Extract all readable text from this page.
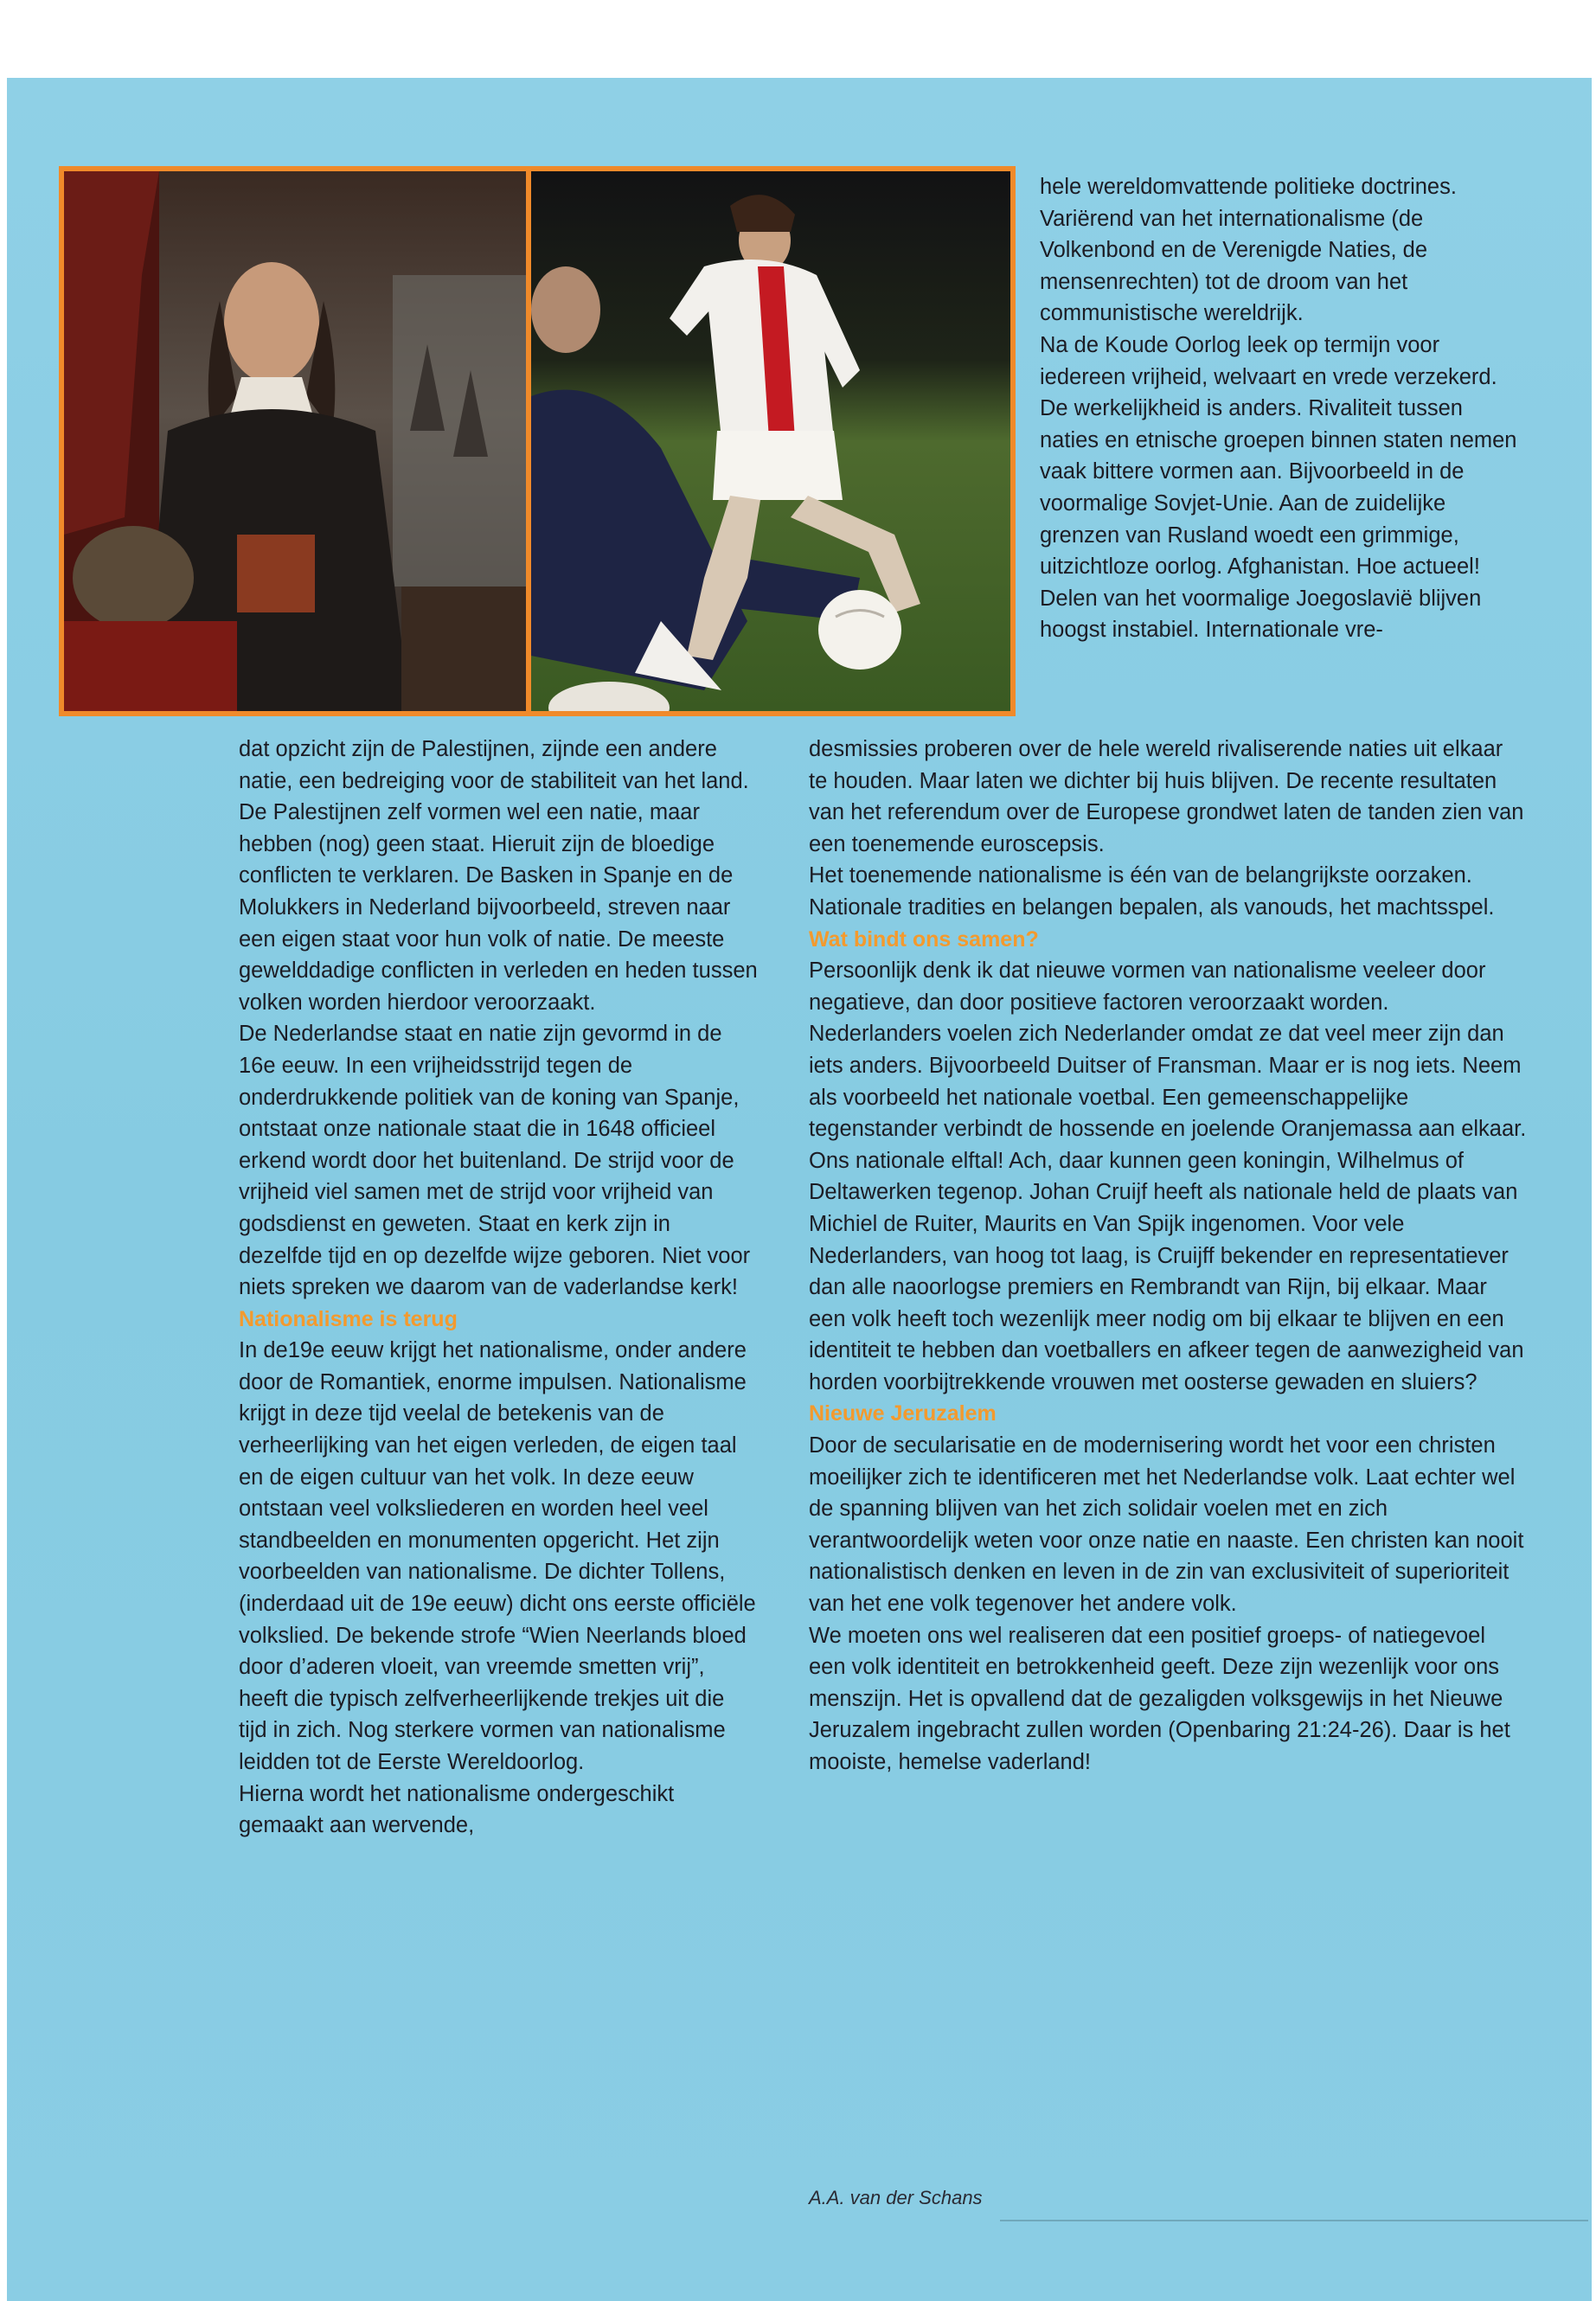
hele wereldomvattende politieke doctrines. Variërend van het internationalisme (de Volkenbond en de Verenigde Naties, de mensenrechten) tot de droom van het communistische wereldrijk.

Na de Koude Oorlog leek op termijn voor iedereen vrijheid, welvaart en vrede verzekerd. De werkelijkheid is anders. Rivaliteit tussen naties en etnische groepen binnen staten nemen vaak bittere vormen aan. Bijvoorbeeld in de voormalige Sovjet-Unie. Aan de zuidelijke grenzen van Rusland woedt een grimmige, uitzichtloze oorlog. Afghanistan. Hoe actueel! Delen van het voormalige Joegoslavië blijven hoogst instabiel. Internationale vre-

dat opzicht zijn de Palestijnen, zijnde een andere natie, een bedreiging voor de stabiliteit van het land. De Palestijnen zelf vormen wel een natie, maar hebben (nog) geen staat. Hieruit zijn de bloedige conflicten te verklaren. De Basken in Spanje en de Molukkers in Nederland bijvoorbeeld, streven naar een eigen staat voor hun volk of natie. De meeste gewelddadige conflicten in verleden en heden tussen volken worden hierdoor veroorzaakt.

De Nederlandse staat en natie zijn gevormd in de 16e eeuw. In een vrijheidsstrijd tegen de onderdrukkende politiek van de koning van Spanje, ontstaat onze nationale staat die in 1648 officieel erkend wordt door het buitenland. De strijd voor de vrijheid viel samen met de strijd voor vrijheid van godsdienst en geweten. Staat en kerk zijn in dezelfde tijd en op dezelfde wijze geboren. Niet voor niets spreken we daarom van de vaderlandse kerk!

Nationalisme is terug

In de19e eeuw krijgt het nationalisme, onder andere door de Romantiek, enorme impulsen. Nationalisme krijgt in deze tijd veelal de betekenis van de verheerlijking van het eigen verleden, de eigen taal en de eigen cultuur van het volk. In deze eeuw ontstaan veel volksliederen en worden heel veel standbeelden en monumenten opgericht. Het zijn voorbeelden van nationalisme. De dichter Tollens, (inderdaad uit de 19e eeuw) dicht ons eerste officiële volkslied. De bekende strofe “Wien Neerlands bloed door d’aderen vloeit, van vreemde smetten vrij”, heeft die typisch zelfverheerlijkende trekjes uit die tijd in zich. Nog sterkere vormen van nationalisme leidden tot de Eerste Wereldoorlog.

Hierna wordt het nationalisme ondergeschikt gemaakt aan wervende,

desmissies proberen over de hele wereld rivaliserende naties uit elkaar te houden. Maar laten we dichter bij huis blijven. De recente resultaten van het referendum over de Europese grondwet laten de tanden zien van een toenemende euroscepsis.

Het toenemende nationalisme is één van de belangrijkste oorzaken. Nationale tradities en belangen bepalen, als vanouds, het machtsspel.

Wat bindt ons samen?

Persoonlijk denk ik dat nieuwe vormen van nationalisme veeleer door negatieve, dan door positieve factoren veroorzaakt worden. Nederlanders voelen zich Nederlander omdat ze dat veel meer zijn dan iets anders. Bijvoorbeeld Duitser of Fransman. Maar er is nog iets. Neem als voorbeeld het nationale voetbal. Een gemeenschappelijke tegenstander verbindt de hossende en joelende Oranjemassa aan elkaar. Ons nationale elftal! Ach, daar kunnen geen koningin, Wilhelmus of Deltawerken tegenop. Johan Cruijf heeft als nationale held de plaats van Michiel de Ruiter, Maurits en Van Spijk ingenomen. Voor vele Nederlanders, van hoog tot laag, is Cruijff bekender en representatiever dan alle naoorlogse premiers en Rembrandt van Rijn, bij elkaar. Maar een volk heeft toch wezenlijk meer nodig om bij elkaar te blijven en een identiteit te hebben dan voetballers en afkeer tegen de aanwezigheid van horden voorbijtrekkende vrouwen met oosterse gewaden en sluiers?

Nieuwe Jeruzalem

Door de secularisatie en de modernisering wordt het voor een christen moeilijker zich te identificeren met het Nederlandse volk. Laat echter wel de spanning blijven van het zich solidair voelen met en zich verantwoordelijk weten voor onze natie en naaste. Een christen kan nooit nationalistisch denken en leven in de zin van exclusiviteit of superioriteit van het ene volk tegenover het andere volk.

We moeten ons wel realiseren dat een positief groeps- of natiegevoel een volk identiteit en betrokkenheid geeft. Deze zijn wezenlijk voor ons menszijn. Het is opvallend dat de gezaligden volksgewijs in het Nieuwe Jeruzalem ingebracht zullen worden (Openbaring 21:24-26). Daar is het mooiste, hemelse vaderland!

A.A. van der Schans
